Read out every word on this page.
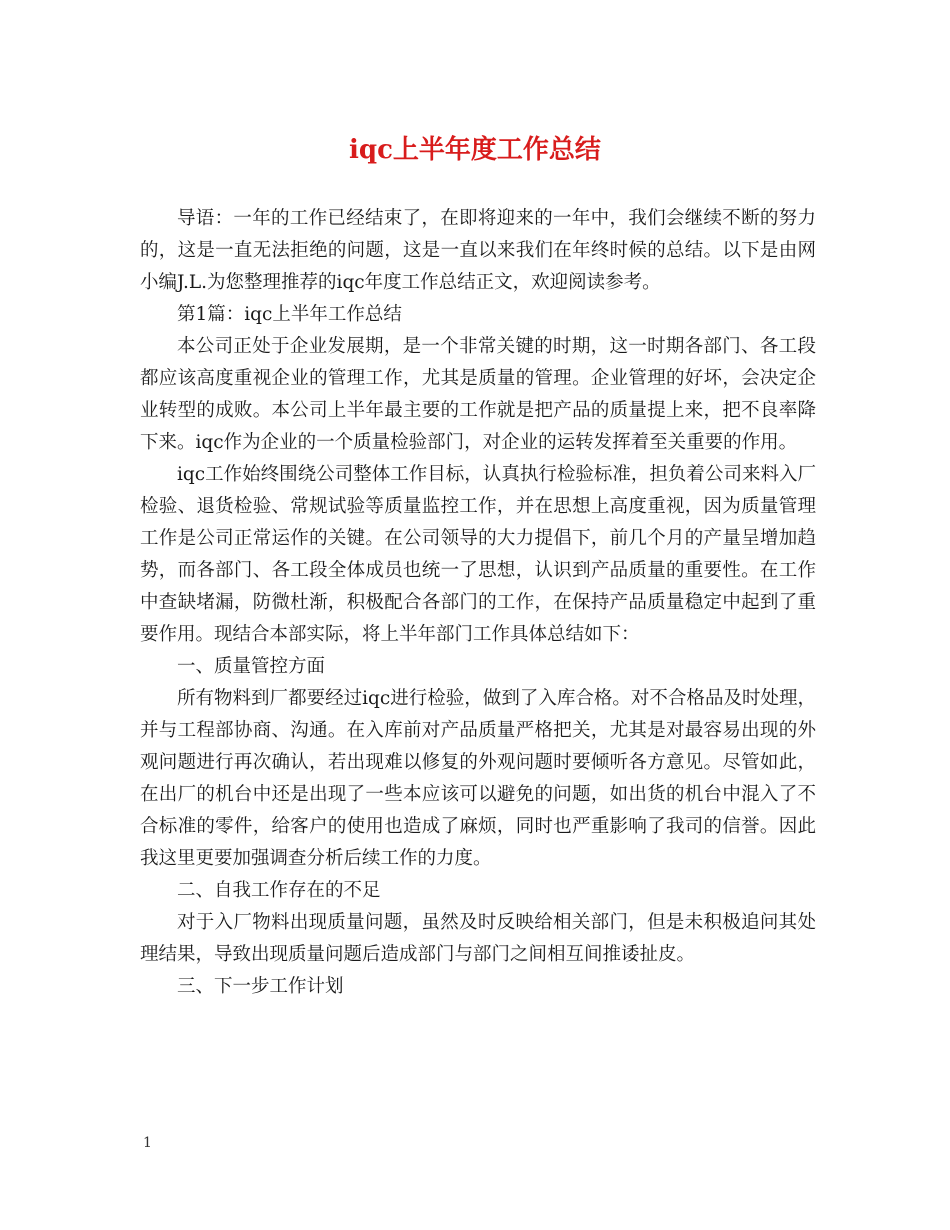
iqc上半年度工作总结

导语：一年的工作已经结束了，在即将迎来的一年中，我们会继续不断的努力的，这是一直无法拒绝的问题，这是一直以来我们在年终时候的总结。以下是由网小编J.L.为您整理推荐的iqc年度工作总结正文，欢迎阅读参考。

第1篇：iqc上半年工作总结

本公司正处于企业发展期，是一个非常关键的时期，这一时期各部门、各工段都应该高度重视企业的管理工作，尤其是质量的管理。企业管理的好坏，会决定企业转型的成败。本公司上半年最主要的工作就是把产品的质量提上来，把不良率降下来。iqc作为企业的一个质量检验部门，对企业的运转发挥着至关重要的作用。

iqc工作始终围绕公司整体工作目标，认真执行检验标准，担负着公司来料入厂检验、退货检验、常规试验等质量监控工作，并在思想上高度重视，因为质量管理工作是公司正常运作的关键。在公司领导的大力提倡下，前几个月的产量呈增加趋势，而各部门、各工段全体成员也统一了思想，认识到产品质量的重要性。在工作中查缺堵漏，防微杜渐，积极配合各部门的工作，在保持产品质量稳定中起到了重要作用。现结合本部实际，将上半年部门工作具体总结如下：

一、质量管控方面

所有物料到厂都要经过iqc进行检验，做到了入库合格。对不合格品及时处理，并与工程部协商、沟通。在入库前对产品质量严格把关，尤其是对最容易出现的外观问题进行再次确认，若出现难以修复的外观问题时要倾听各方意见。尽管如此，在出厂的机台中还是出现了一些本应该可以避免的问题，如出货的机台中混入了不合标准的零件，给客户的使用也造成了麻烦，同时也严重影响了我司的信誉。因此我这里更要加强调查分析后续工作的力度。

二、自我工作存在的不足

对于入厂物料出现质量问题，虽然及时反映给相关部门，但是未积极追问其处理结果，导致出现质量问题后造成部门与部门之间相互间推诿扯皮。

三、下一步工作计划

1
